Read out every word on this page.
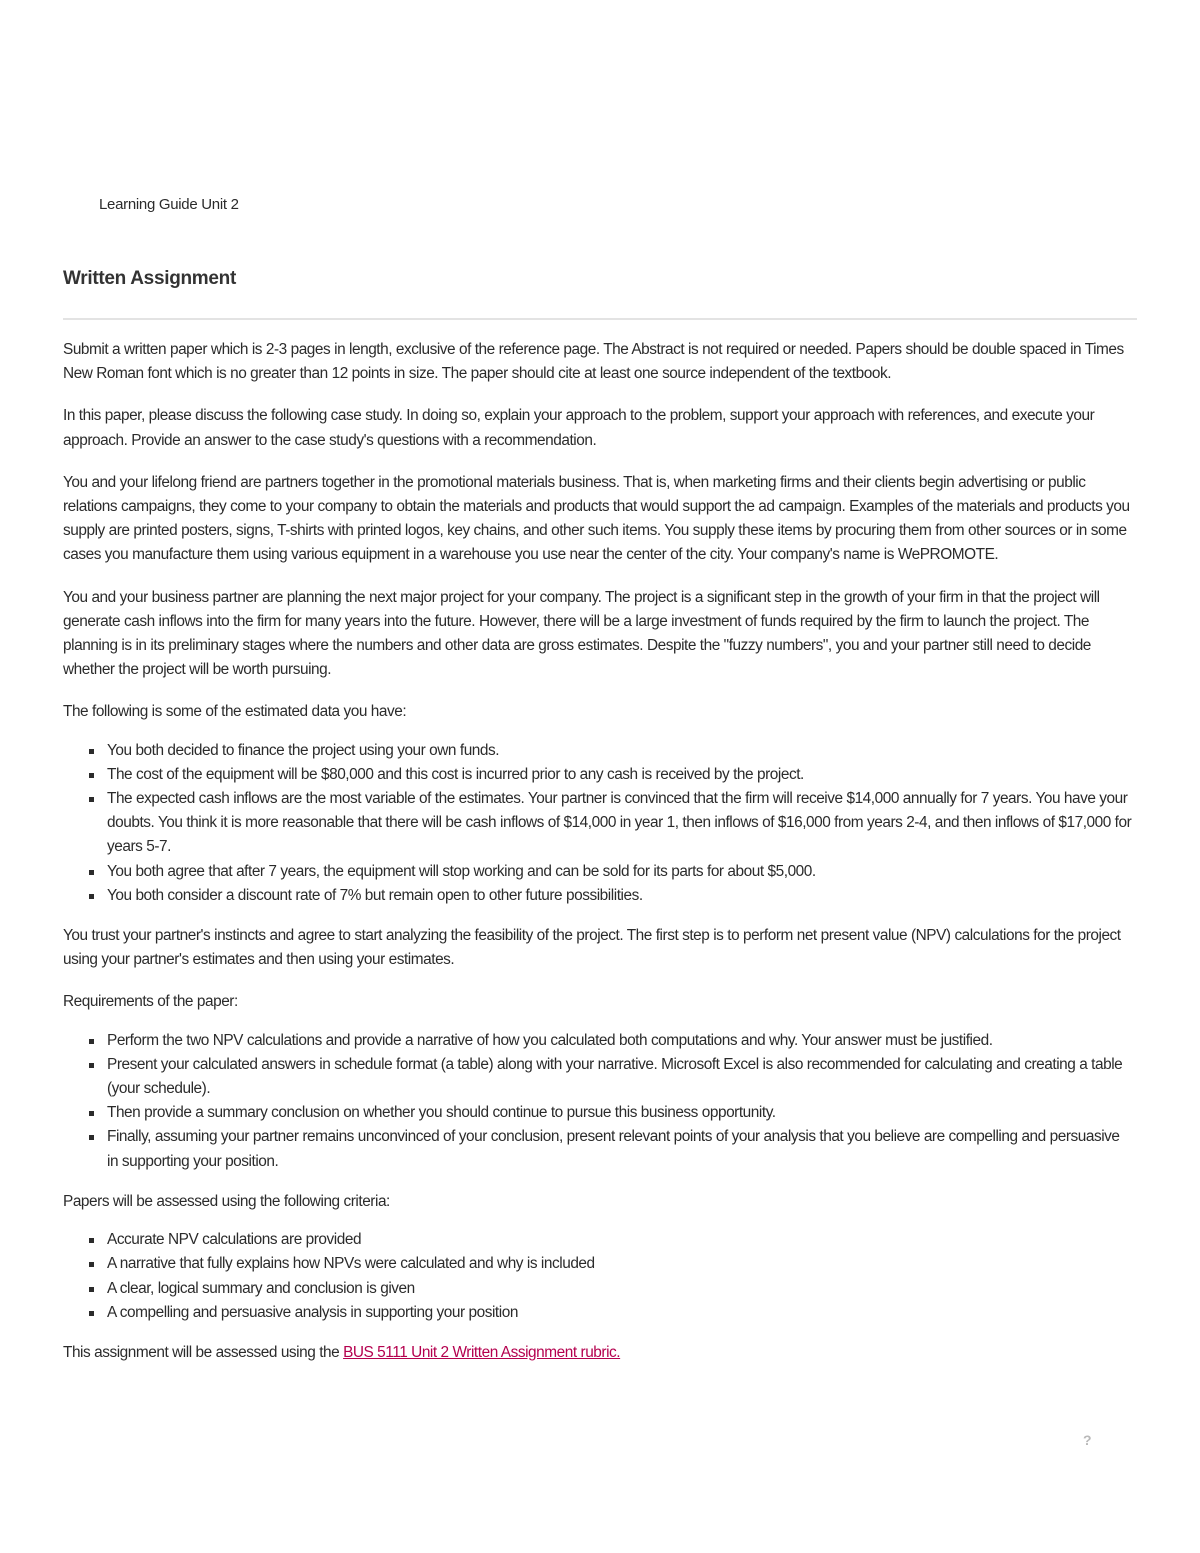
Learning Guide Unit 2
Written Assignment

Submit a written paper which is 2-3 pages in length, exclusive of the reference page. The Abstract is not required or needed. Papers should be double spaced in Times New Roman font which is no greater than 12 points in size. The paper should cite at least one source independent of the textbook.

In this paper, please discuss the following case study. In doing so, explain your approach to the problem, support your approach with references, and execute your approach. Provide an answer to the case study's questions with a recommendation.

You and your lifelong friend are partners together in the promotional materials business. That is, when marketing firms and their clients begin advertising or public relations campaigns, they come to your company to obtain the materials and products that would support the ad campaign. Examples of the materials and products you supply are printed posters, signs, T-shirts with printed logos, key chains, and other such items. You supply these items by procuring them from other sources or in some cases you manufacture them using various equipment in a warehouse you use near the center of the city. Your company's name is WePROMOTE.

You and your business partner are planning the next major project for your company. The project is a significant step in the growth of your firm in that the project will generate cash inflows into the firm for many years into the future. However, there will be a large investment of funds required by the firm to launch the project. The planning is in its preliminary stages where the numbers and other data are gross estimates. Despite the "fuzzy numbers", you and your partner still need to decide whether the project will be worth pursuing.

The following is some of the estimated data you have:

You both decided to finance the project using your own funds.
The cost of the equipment will be $80,000 and this cost is incurred prior to any cash is received by the project.
The expected cash inflows are the most variable of the estimates. Your partner is convinced that the firm will receive $14,000 annually for 7 years. You have your doubts. You think it is more reasonable that there will be cash inflows of $14,000 in year 1, then inflows of $16,000 from years 2-4, and then inflows of $17,000 for years 5-7.
You both agree that after 7 years, the equipment will stop working and can be sold for its parts for about $5,000.
You both consider a discount rate of 7% but remain open to other future possibilities.

You trust your partner's instincts and agree to start analyzing the feasibility of the project. The first step is to perform net present value (NPV) calculations for the project using your partner's estimates and then using your estimates.

Requirements of the paper:

Perform the two NPV calculations and provide a narrative of how you calculated both computations and why. Your answer must be justified.
Present your calculated answers in schedule format (a table) along with your narrative. Microsoft Excel is also recommended for calculating and creating a table (your schedule).
Then provide a summary conclusion on whether you should continue to pursue this business opportunity.
Finally, assuming your partner remains unconvinced of your conclusion, present relevant points of your analysis that you believe are compelling and persuasive in supporting your position.

Papers will be assessed using the following criteria:

Accurate NPV calculations are provided
A narrative that fully explains how NPVs were calculated and why is included
A clear, logical summary and conclusion is given
A compelling and persuasive analysis in supporting your position

This assignment will be assessed using the BUS 5111 Unit 2 Written Assignment rubric.

?
